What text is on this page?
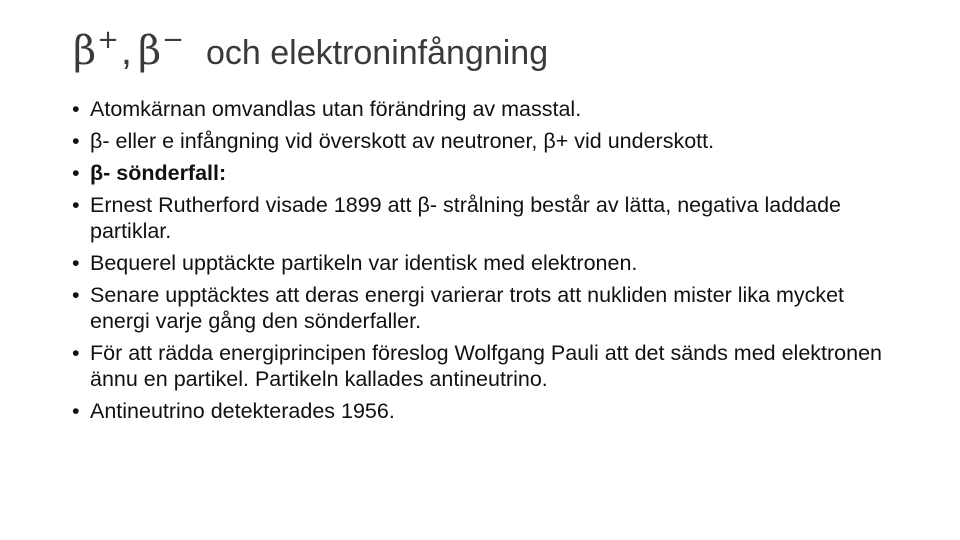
β + , β − och elektroninfångning
• Atomkärnan omvandlas utan förändring av masstal.
• β- eller e infångning vid överskott av neutroner, β+ vid underskott.
• β- sönderfall:
• Ernest Rutherford visade 1899 att β- strålning består av lätta, negativa laddade partiklar.
• Bequerel upptäckte partikeln var identisk med elektronen.
• Senare upptäcktes att deras energi varierar trots att nukliden mister lika mycket energi varje gång den sönderfaller.
• För att rädda energiprincipen föreslog Wolfgang Pauli att det sänds med elektronen ännu en partikel. Partikeln kallades antineutrino.
• Antineutrino detekterades 1956.
